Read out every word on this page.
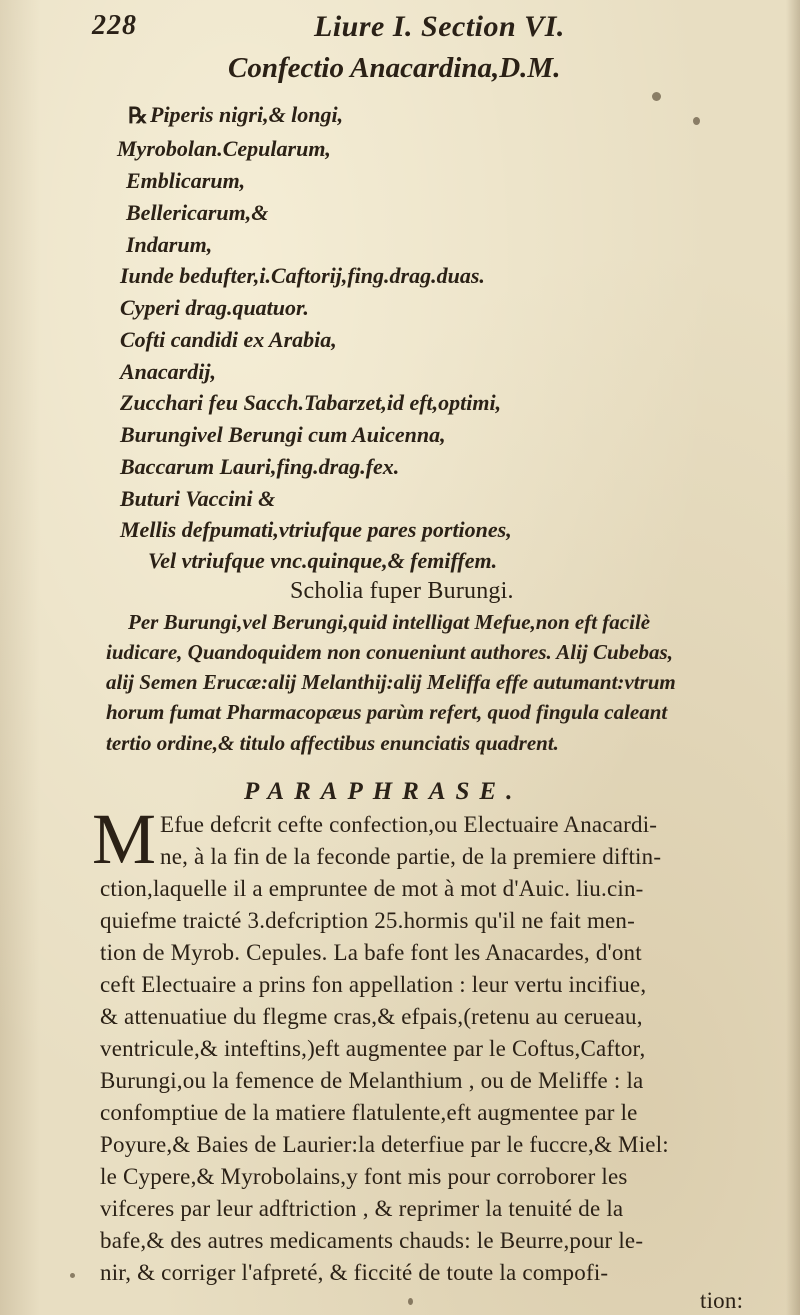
228	Liure I. Section VI.
Confectio Anacardina,D.M.
℞ Piperis nigri,& longi,
Myrobolan.Cepularum,
Emblicarum,
Bellericarum,&
Indarum,
Iunde bedufter,i.Caftorij,fing.drag.duas.
Cyperi drag.quatuor.
Cofti candidi ex Arabia,
Anacardij,
Zucchari feu Sacch.Tabarzet,id eft,optimi,
Burungivel Berungi cum Auicenna,
Baccarum Lauri,fing.drag.fex.
Buturi Vaccini &
Mellis defpumati,vtriufque pares portiones,
Vel vtriufque vnc.quinque,& femiffem.
Scholia fuper Burungi.
Per Burungi,vel Berungi,quid intelligat Mefue,non eft facilè
iudicare, Quandoquidem non conueniunt authores. Alij Cubebas,
alij Semen Erucæ:alij Melanthij:alij Meliffa effe autumant:vtrum
horum fumat Pharmacopæus parùm refert, quod fingula caleant
tertio ordine,& titulo affectibus enunciatis quadrent.
PARAPHRASE.
M Efue defcrit cefte confection,ou Electuaire Anacardi-
ne, à la fin de la feconde partie, de la premiere diftin-
ction,laquelle il a empruntee de mot à mot d'Auic. liu.cin-
quiefme traicté 3.defcription 25.hormis qu'il ne fait men-
tion de Myrob. Cepules. La bafe font les Anacardes, d'ont
ceft Electuaire a prins fon appellation : leur vertu incifiue,
& attenuatiue du flegme cras,& efpais,(retenu au cerueau,
ventricule,& inteftins,)eft augmentee par le Coftus,Caftor,
Burungi,ou la femence de Melanthium , ou de Meliffe : la
confomptiue de la matiere flatulente,eft augmentee par le
Poyure,& Baies de Laurier:la deterfiue par le fuccre,& Miel:
le Cypere,& Myrobolains,y font mis pour corroborer les
vifceres par leur adftriction , & reprimer la tenuité de la
bafe,& des autres medicaments chauds: le Beurre,pour le-
nir, & corriger l'afpreté, & ficcité de toute la compofi-
tion:
